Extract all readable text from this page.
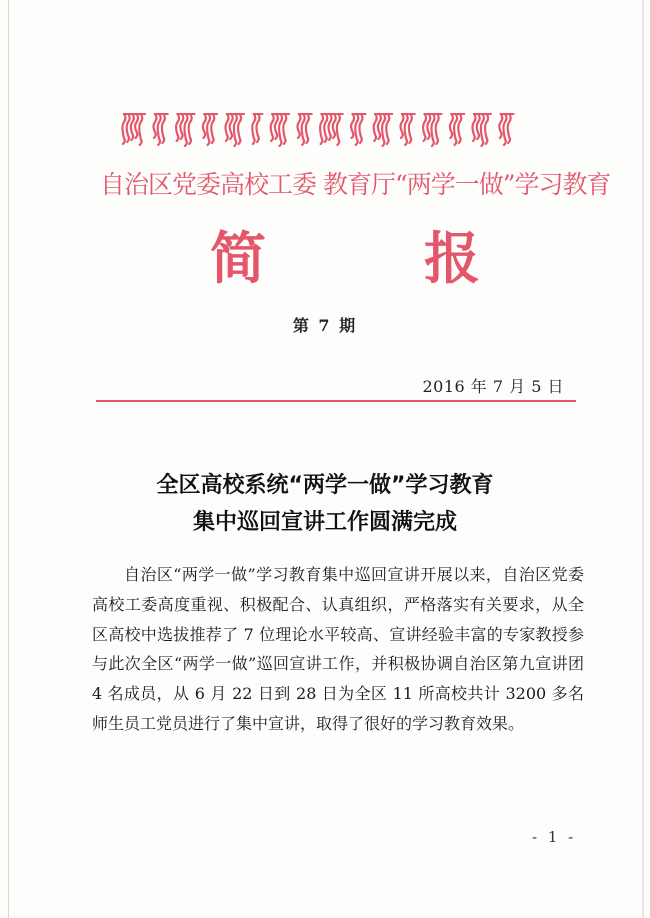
自治区党委高校工委 教育厅“两学一做”学习教育
简	报
第 7 期
2016 年 7 月 5 日
全区高校系统“两学一做”学习教育
集中巡回宣讲工作圆满完成

自治区“两学一做”学习教育集中巡回宣讲开展以来，自治区党委高校工委高度重视、积极配合、认真组织，严格落实有关要求，从全区高校中选拔推荐了 7 位理论水平较高、宣讲经验丰富的专家教授参与此次全区“两学一做”巡回宣讲工作，并积极协调自治区第九宣讲团 4 名成员，从 6 月 22 日到 28 日为全区 11 所高校共计 3200 多名师生员工党员进行了集中宣讲，取得了很好的学习教育效果。

- 1 -
